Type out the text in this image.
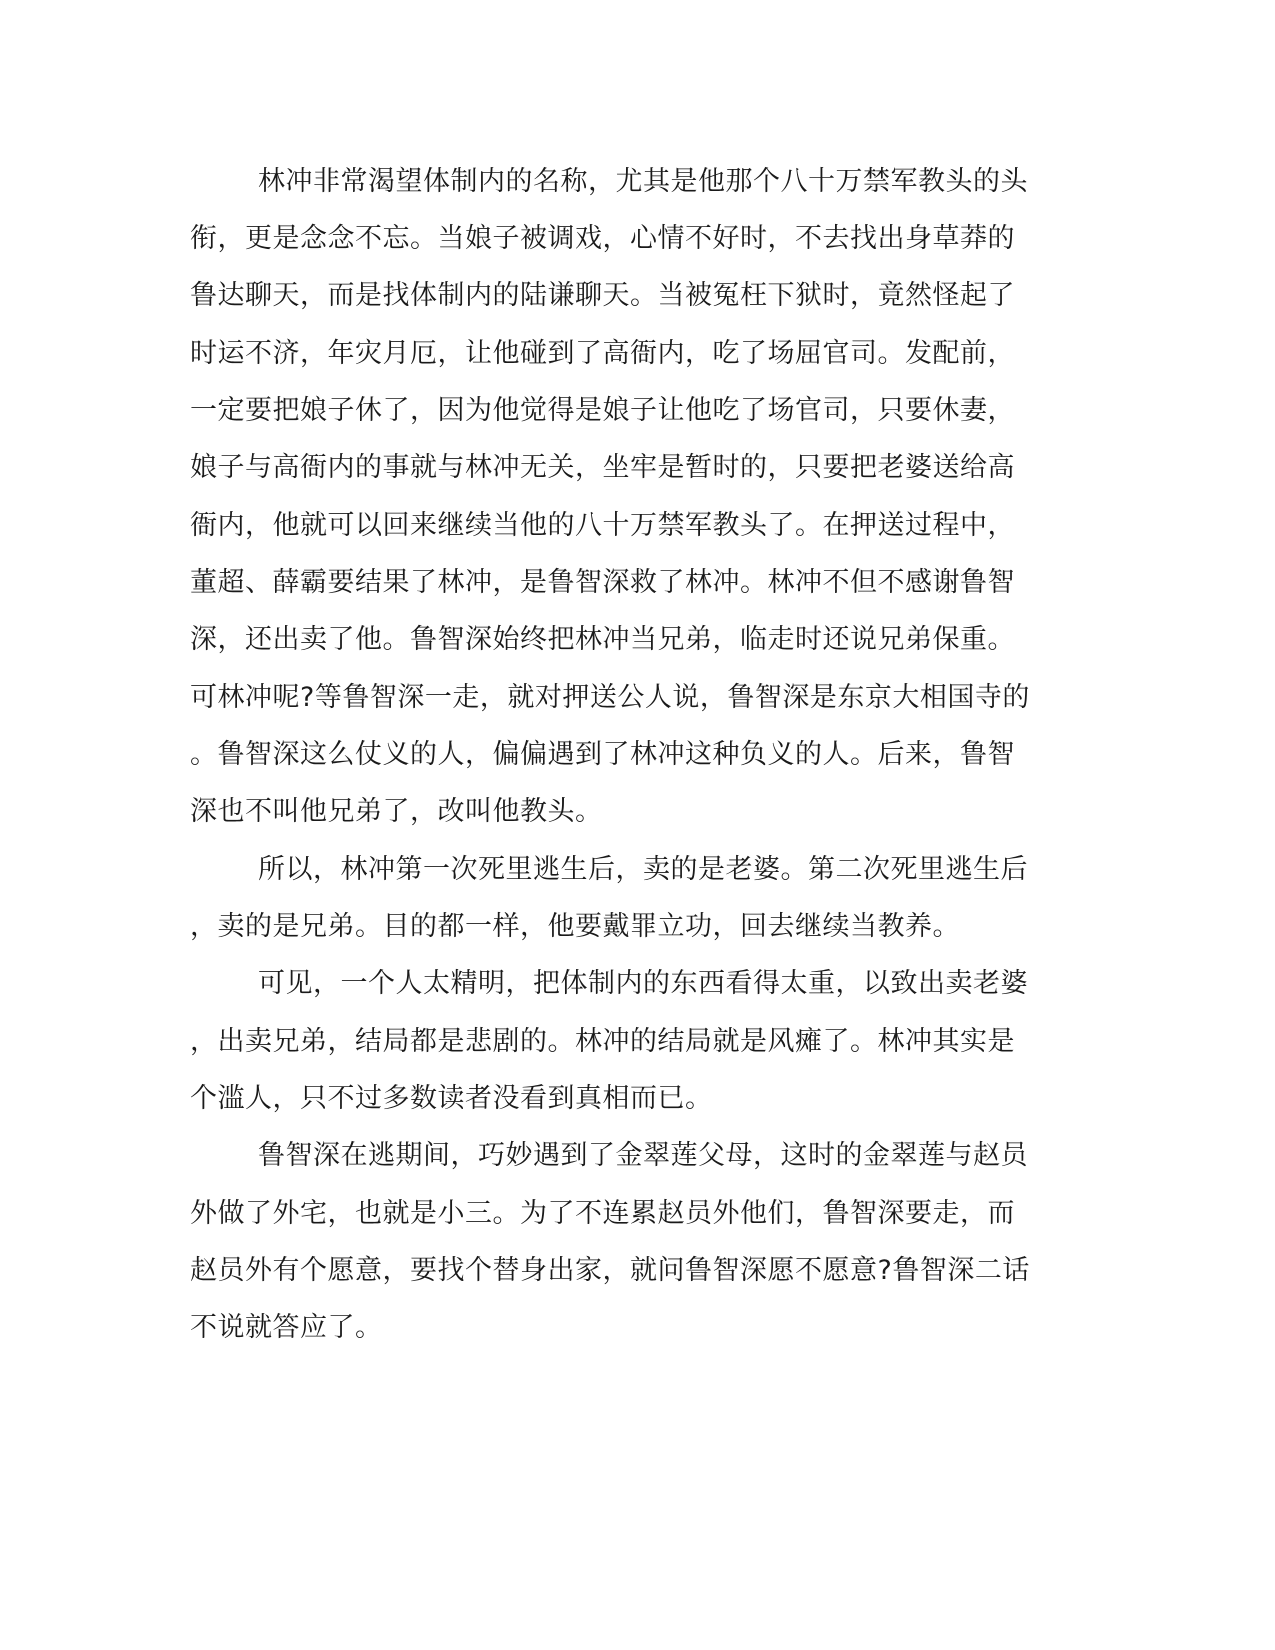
林冲非常渴望体制内的名称，尤其是他那个八十万禁军教头的头
衔，更是念念不忘。当娘子被调戏，心情不好时，不去找出身草莽的
鲁达聊天，而是找体制内的陆谦聊天。当被冤枉下狱时，竟然怪起了
时运不济，年灾月厄，让他碰到了高衙内，吃了场屈官司。发配前，
一定要把娘子休了，因为他觉得是娘子让他吃了场官司，只要休妻，
娘子与高衙内的事就与林冲无关，坐牢是暂时的，只要把老婆送给高
衙内，他就可以回来继续当他的八十万禁军教头了。在押送过程中，
董超、薛霸要结果了林冲，是鲁智深救了林冲。林冲不但不感谢鲁智
深，还出卖了他。鲁智深始终把林冲当兄弟，临走时还说兄弟保重。
可林冲呢?等鲁智深一走，就对押送公人说，鲁智深是东京大相国寺的
。鲁智深这么仗义的人，偏偏遇到了林冲这种负义的人。后来，鲁智
深也不叫他兄弟了，改叫他教头。
所以，林冲第一次死里逃生后，卖的是老婆。第二次死里逃生后
，卖的是兄弟。目的都一样，他要戴罪立功，回去继续当教养。
可见，一个人太精明，把体制内的东西看得太重，以致出卖老婆
，出卖兄弟，结局都是悲剧的。林冲的结局就是风瘫了。林冲其实是
个滥人，只不过多数读者没看到真相而已。
鲁智深在逃期间，巧妙遇到了金翠莲父母，这时的金翠莲与赵员
外做了外宅，也就是小三。为了不连累赵员外他们，鲁智深要走，而
赵员外有个愿意，要找个替身出家，就问鲁智深愿不愿意?鲁智深二话
不说就答应了。
